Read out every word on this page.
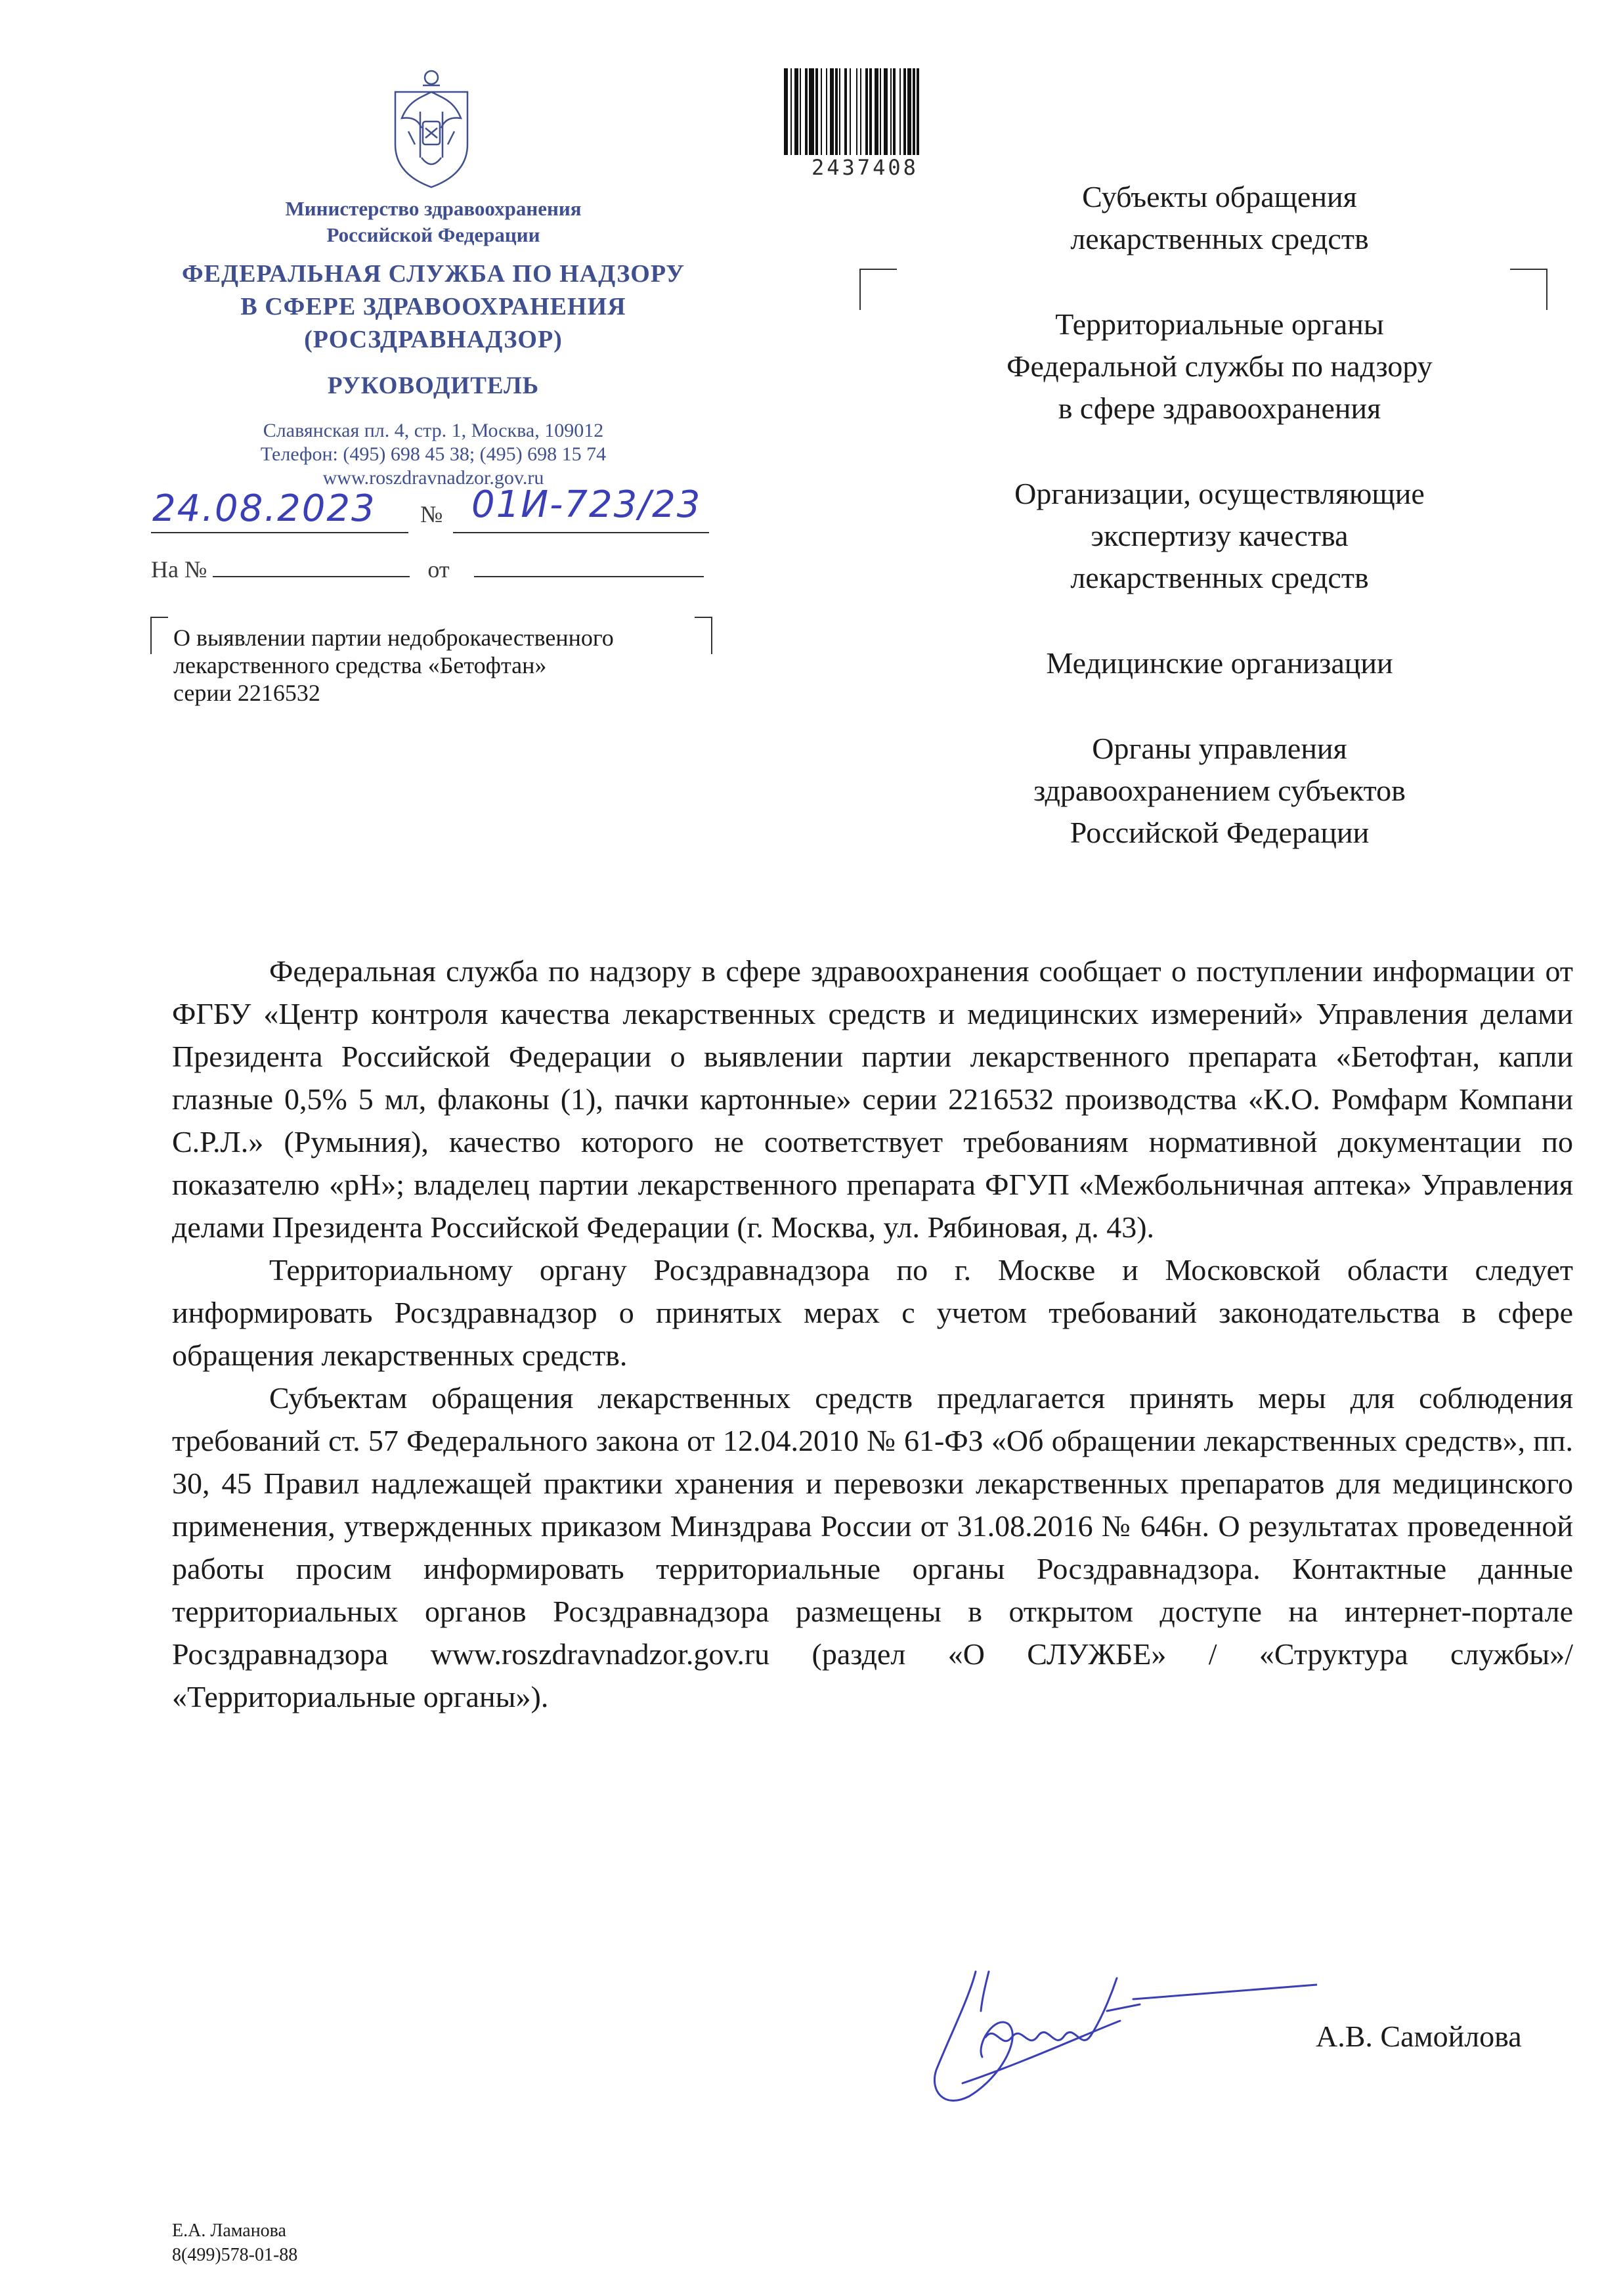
Министерство здравоохранения
Российской Федерации
ФЕДЕРАЛЬНАЯ СЛУЖБА ПО НАДЗОРУ
В СФЕРЕ ЗДРАВООХРАНЕНИЯ
(РОСЗДРАВНАДЗОР)
РУКОВОДИТЕЛЬ
Славянская пл. 4, стр. 1, Москва, 109012
Телефон: (495) 698 45 38; (495) 698 15 74
www.roszdravnadzor.gov.ru
24.08.2023 № 01И-723/23
На №	от
О выявлении партии недоброкачественного
лекарственного средства «Бетофтан»
серии 2216532
2437408
Субъекты обращения
лекарственных средств
Территориальные органы
Федеральной службы по надзору
в сфере здравоохранения
Организации, осуществляющие
экспертизу качества
лекарственных средств
Медицинские организации
Органы управления
здравоохранением субъектов
Российской Федерации

Федеральная служба по надзору в сфере здравоохранения сообщает о поступлении информации от ФГБУ «Центр контроля качества лекарственных средств и медицинских измерений» Управления делами Президента Российской Федерации о выявлении партии лекарственного препарата «Бетофтан, капли глазные 0,5% 5 мл, флаконы (1), пачки картонные» серии 2216532 производства «К.О. Ромфарм Компани С.Р.Л.» (Румыния), качество которого не соответствует требованиям нормативной документации по показателю «pH»; владелец партии лекарственного препарата ФГУП «Межбольничная аптека» Управления делами Президента Российской Федерации (г. Москва, ул. Рябиновая, д. 43).

Территориальному органу Росздравнадзора по г. Москве и Московской области следует информировать Росздравнадзор о принятых мерах с учетом требований законодательства в сфере обращения лекарственных средств.

Субъектам обращения лекарственных средств предлагается принять меры для соблюдения требований ст. 57 Федерального закона от 12.04.2010 № 61-ФЗ «Об обращении лекарственных средств», пп. 30, 45 Правил надлежащей практики хранения и перевозки лекарственных препаратов для медицинского применения, утвержденных приказом Минздрава России от 31.08.2016 № 646н. О результатах проведенной работы просим информировать территориальные органы Росздравнадзора. Контактные данные территориальных органов Росздравнадзора размещены в открытом доступе на интернет-портале Росздравнадзора www.roszdravnadzor.gov.ru (раздел «О СЛУЖБЕ» / «Структура службы»/ «Территориальные органы»).

А.В. Самойлова
Е.А. Ламанова
8(499)578-01-88
